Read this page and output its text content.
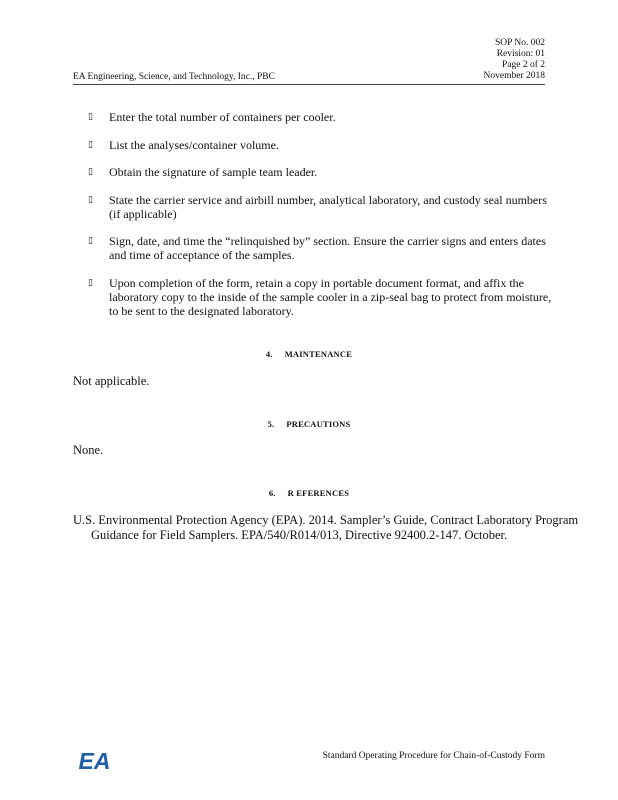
SOP No. 002
Revision: 01
Page 2 of 2
November 2018
EA Engineering, Science, and Technology, Inc., PBC
▯ Enter the total number of containers per cooler.
▯ List the analyses/container volume.
▯ Obtain the signature of sample team leader.
▯ State the carrier service and airbill number, analytical laboratory, and custody seal numbers (if applicable)
▯ Sign, date, and time the “relinquished by” section. Ensure the carrier signs and enters dates and time of acceptance of the samples.
▯ Upon completion of the form, retain a copy in portable document format, and affix the laboratory copy to the inside of the sample cooler in a zip-seal bag to protect from moisture, to be sent to the designated laboratory.
4. MAINTENANCE
Not applicable.
5. PRECAUTIONS
None.
6. R EFERENCES
U.S. Environmental Protection Agency (EPA). 2014. Sampler’s Guide, Contract Laboratory Program Guidance for Field Samplers. EPA/540/R014/013, Directive 92400.2-147. October.
EA	Standard Operating Procedure for Chain-of-Custody Form
